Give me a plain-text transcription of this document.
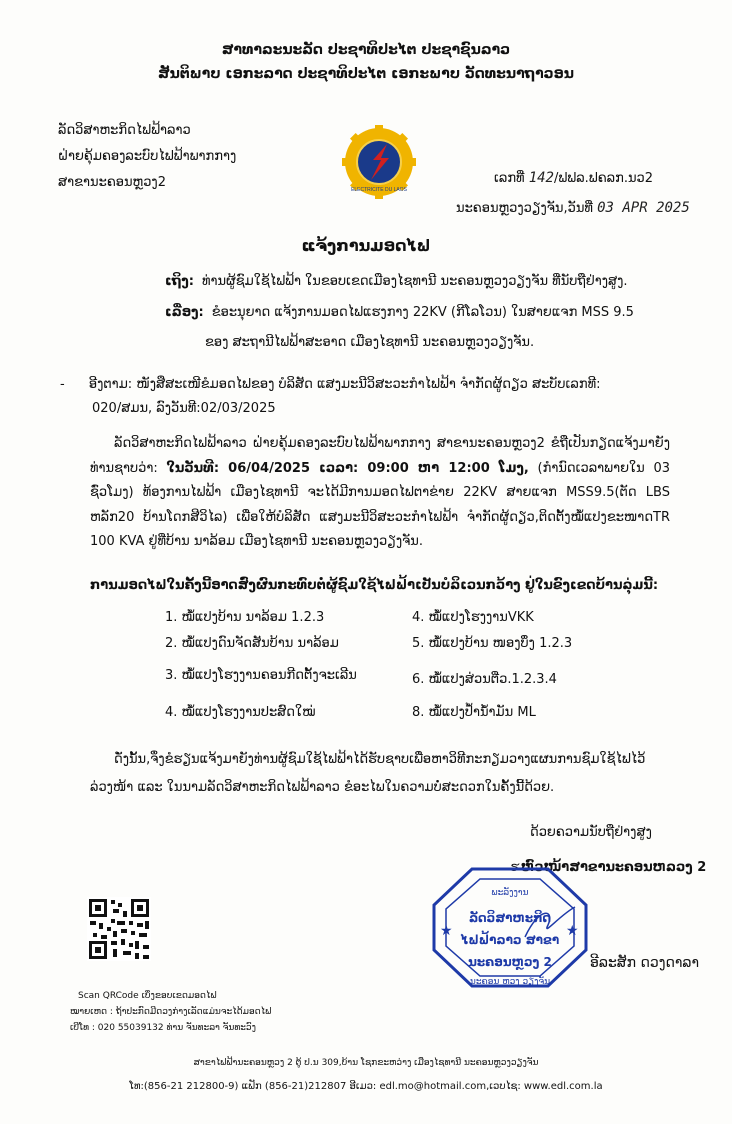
ສາທາລະນະລັດ ປະຊາທິປະໄຕ ປະຊາຊົນລາວ
ສັນຕິພາບ ເອກະລາດ ປະຊາທິປະໄຕ ເອກະພາບ ວັດທະນາຖາວອນ
ລັດວິສາຫະກິດໄຟຟ້າລາວ
ຝ່າຍຄຸ້ມຄອງລະບົບໄຟຟ້າພາກກາງ
ສາຂານະຄອນຫຼວງ2	ELECTRICITE DU LAOS
ເລກທີ່ 142/ຟຟລ.ຟຄລກ.ນວ2
ນະຄອນຫຼວງວຽງຈັນ,ວັນທີ່ 03 APR 2025
ແຈ້ງການມອດໄຟ
ເຖິງ: ທ່ານຜູ້ຊົມໃຊ້ໄຟຟ້າ ໃນຂອບເຂດເມືອງໄຊທານີ ນະຄອນຫຼວງວຽງຈັນ ທີ່ນັບຖືຢ່າງສູງ.
ເລື່ອງ: ຂໍອະນຸຍາດ ແຈ້ງການມອດໄຟແຮງກາງ 22KV (ກີໂລໂວນ) ໃນສາຍແຈກ MSS 9.5
ຂອງ ສະຖານີໄຟຟ້າສະອາດ ເມືອງໄຊທານີ ນະຄອນຫຼວງວຽງຈັນ.
- ອີງຕາມ: ໜັງສືສະເໜີຂໍມອດໄຟຂອງ ບໍລິສັດ ແສງມະນີວິສະວະກໍາໄຟຟ້າ ຈໍາກັດຜູ້ດຽວ ສະບັບເລກທີ:
020/ສມນ, ລົງວັນທີ:02/03/2025
ລັດວິສາຫະກິດໄຟຟ້າລາວ ຝ່າຍຄຸ້ມຄອງລະບົບໄຟຟ້າພາກກາງ ສາຂານະຄອນຫຼວງ2 ຂໍຖືເປັນກຽດແຈ້ງມາຍັງທ່ານຊາບວ່າ: ໃນວັນທີ: 06/04/2025 ເວລາ: 09:00 ຫາ 12:00 ໂມງ, (ກໍານົດເວລາພາຍໃນ 03 ຊົ່ວໂມງ) ທ້ອງການໄຟຟ້າ ເມືອງໄຊທານີ ຈະໄດ້ມີການມອດໄຟຕາຂ່າຍ 22KV ສາຍແຈກ MSS9.5(ຕັດ LBS ຫລັກ20 ບ້ານໂດກສີວິໄລ) ເພື່ອໃຫ້ບໍລິສັດ ແສງມະນີວິສະວະກໍາໄຟຟ້າ ຈໍາກັດຜູ້ດຽວ,ຕິດຕັ້ງໝໍ້ແປງຂະໜາດTR 100 KVA ຢູ່ທີ່ບ້ານ ນາລ້ອມ ເມືອງໄຊທານີ ນະຄອນຫຼວງວຽງຈັນ.
ການມອດໄຟໃນຄັ້ງນີ້ອາດສົ່ງຜົນກະທົບຕໍ່ຜູ້ຊົມໃຊ້ໄຟຟ້າເປັນບໍລິເວນກວ້າງ ຢູ່ໃນຂົງເຂດບ້ານລຸ່ມນີ້:
1. ໝໍ້ແປງບ້ານ ນາລ້ອມ 1.2.3
2. ໝໍ້ແປງດົນຈັດສັນບ້ານ ນາລ້ອມ
3. ໝໍ້ແປງໂຮງງານຄອນກີດຕັ້ງຈະເລີນ
4. ໝໍ້ແປງໂຮງງານປະສົດໃໝ່
4. ໝໍ້ແປງໂຮງງານVKK
5. ໝໍ້ແປງບ້ານ ໜອງບຶ່ງ 1.2.3
6. ໝໍ້ແປງສ່ວນຕີ່ວ.1.2.3.4
8. ໝໍ້ແປງປໍ້ານໍ້າມັນ ML
ດັ່ງນັ້ນ,ຈຶ່ງຂໍຮຽນແຈ້ງມາຍັງທ່ານຜູ້ຊົມໃຊ້ໄຟຟ້າໄດ້ຮັບຊາບເພື່ອຫາວິທີກະກຽມວາງແຜນການຊົມໃຊ້ໄຟໄວ້ລ່ວງໜ້າ ແລະ ໃນນາມລັດວິສາຫະກິດໄຟຟ້າລາວ ຂໍອະໄພໃນຄວາມບໍ່ສະດວກໃນຄັ້ງນີ້ດ້ວຍ.
ດ້ວຍຄວາມນັບຖືຢ່າງສູງ
ຮ ຫົວໜ້າສາຂານະຄອນຫລວງ 2
Scan QRCode ເບິ່ງຂອບເຂດມອດໄຟ
ໝາຍເຫດ : ຖ້າປະກົດມີດວງກ່າງເລັດແມ່ນຈະໄດ້ມອດໄຟ
ເບີໂທ : 020 55039132 ທ່ານ ຈັນທະລາ ຈັນທະວົງ
ພະລັງງານ
ລັດວິສາຫະກິດ
ໄຟຟ້າລາວ ສາຂາ
ນະຄອນຫຼວງ 2
ນະຄອນ ຫຼວງ ວຽງຈັນ
★	★
ອີລະສັກ ດວງດາລາ
ສາຂາໄຟຟ້ານະຄອນຫຼວງ 2 ຕູ້ ປ.ນ 309,ບ້ານ ໂຊກຂະຫວ່າງ ເມືອງໄຊທານີ ນະຄອນຫຼວງວຽງຈັນ
ໂທ:(856-21 212800-9) ແຟັກ (856-21)212807 ອີເມວ: edl.mo@hotmail.com,ເວບໄຊ: www.edl.com.la
